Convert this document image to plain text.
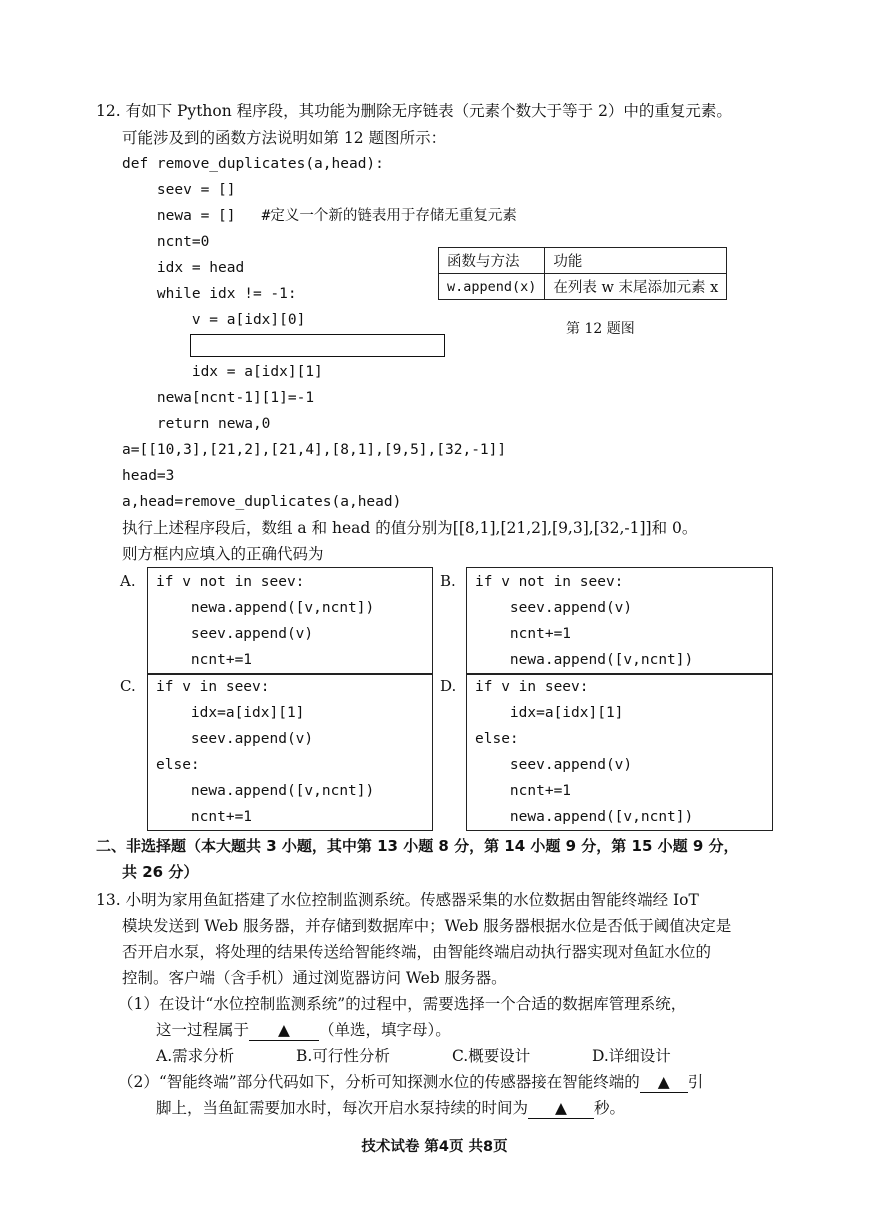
12. 有如下 Python 程序段，其功能为删除无序链表（元素个数大于等于 2）中的重复元素。
可能涉及到的函数方法说明如第 12 题图所示：
def remove_duplicates(a,head):
seev = []
newa = []   #定义一个新的链表用于存储无重复元素
ncnt=0
idx = head
while idx != -1:
v = a[idx][0]
idx = a[idx][1]
newa[ncnt-1][1]=-1
return newa,0
a=[[10,3],[21,2],[21,4],[8,1],[9,5],[32,-1]]
head=3
a,head=remove_duplicates(a,head)
函数与方法	功能
w.append(x)	在列表 w 末尾添加元素 x
第 12 题图
执行上述程序段后，数组 a 和 head 的值分别为[[8,1],[21,2],[9,3],[32,-1]]和 0。
则方框内应填入的正确代码为
A. if v not in seev:
newa.append([v,ncnt])
seev.append(v)
ncnt+=1
B. if v not in seev:
seev.append(v)
ncnt+=1
newa.append([v,ncnt])
C. if v in seev:
idx=a[idx][1]
seev.append(v)
else:
newa.append([v,ncnt])
ncnt+=1
D. if v in seev:
idx=a[idx][1]
else:
seev.append(v)
ncnt+=1
newa.append([v,ncnt])
二、非选择题（本大题共 3 小题，其中第 13 小题 8 分，第 14 小题 9 分，第 15 小题 9 分，
共 26 分）
13. 小明为家用鱼缸搭建了水位控制监测系统。传感器采集的水位数据由智能终端经 IoT
模块发送到 Web 服务器，并存储到数据库中；Web 服务器根据水位是否低于阈值决定是
否开启水泵，将处理的结果传送给智能终端，由智能终端启动执行器实现对鱼缸水位的
控制。客户端（含手机）通过浏览器访问 Web 服务器。
（1）在设计“水位控制监测系统”的过程中，需要选择一个合适的数据库管理系统，
这一过程属于 ▲ （单选，填字母）。
A.需求分析	B.可行性分析	C.概要设计	D.详细设计
（2）“智能终端”部分代码如下，分析可知探测水位的传感器接在智能终端的 ▲ 引
脚上，当鱼缸需要加水时，每次开启水泵持续的时间为 ▲ 秒。
技术试卷 第4页 共8页
